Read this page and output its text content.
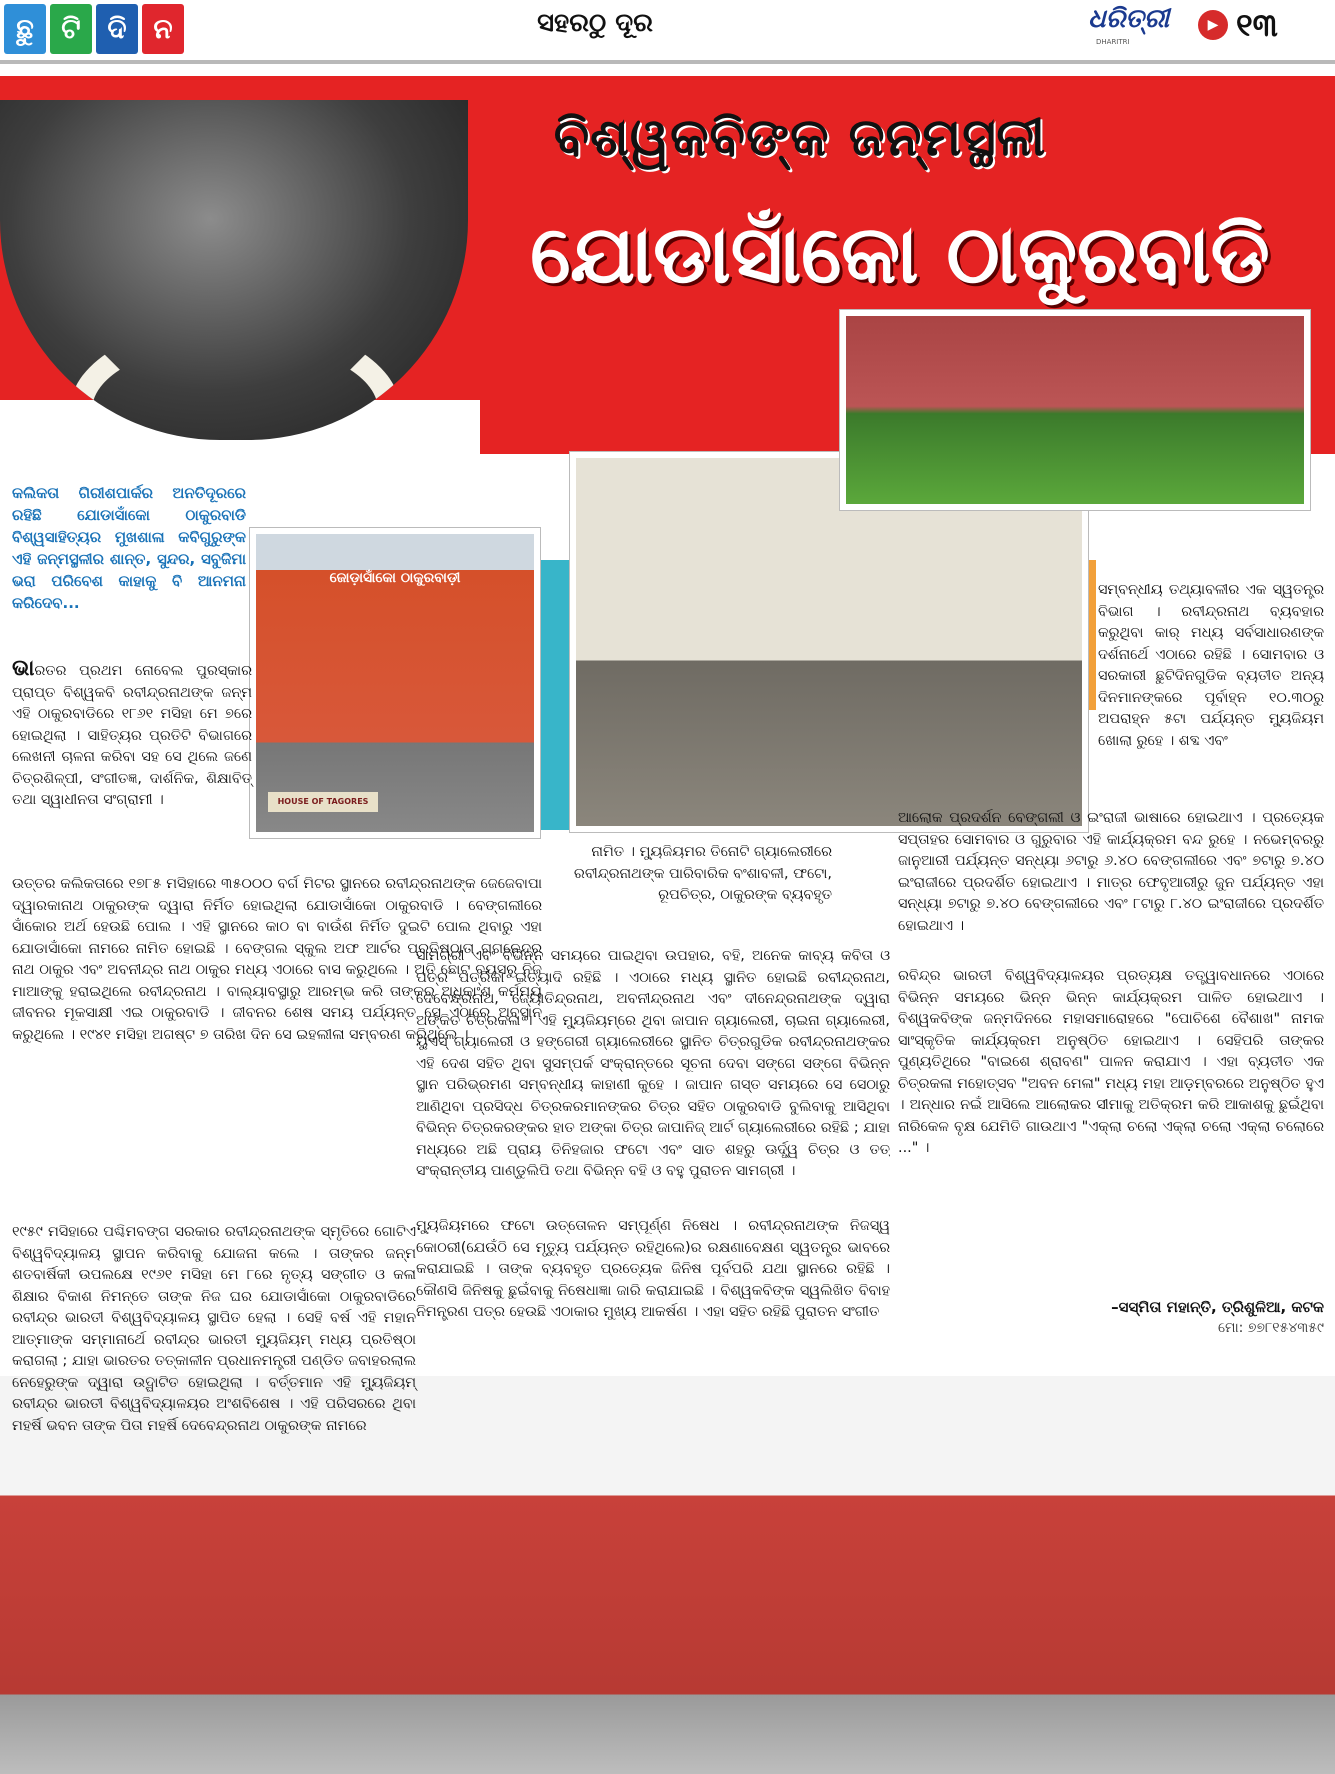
ଛୁ ଟି ଦି ନ	ସହରଠୁ ଦୂର	ଧରିତ୍ରୀ
DHARITRI
▶ ୧୩
ବିଶ୍ୱକବିଙ୍କ ଜନ୍ମସ୍ଥଳୀ
ଯୋଡାସାଁକୋ ଠାକୁରବାଡି
ଜୋଡ଼ାସାଁକୋ ଠାକୁରବାଡ଼ୀ
HOUSE OF TAGORES
କଲିକତା ଗିରୀଶପାର୍କର ଅନତିଦୂରରେ ରହିଛି ଯୋଡାସାଁକୋ ଠାକୁରବାଡି ବିଶ୍ୱସାହିତ୍ୟର ମୁଖଶାଳା କବିଗୁରୁଙ୍କ ଏହି ଜନ୍ମସ୍ଥଳୀର ଶାନ୍ତ, ସୁନ୍ଦର, ସବୁଜିମା ଭରା ପରିବେଶ କାହାକୁ ବି ଆନମନା କରିଦେବ...
ଭାରତର ପ୍ରଥମ ନୋବେଲ ପୁରସ୍କାର ପ୍ରାପ୍ତ ବିଶ୍ୱକବି ରବୀନ୍ଦ୍ରନାଥଙ୍କ ଜନ୍ମ ଏହି ଠାକୁରବାଡିରେ ୧୮୬୧ ମସିହା ମେ ୭ରେ ହୋଇଥିଲା । ସାହିତ୍ୟର ପ୍ରତିଟି ବିଭାଗରେ ଲେଖନୀ ଚାଳନା କରିବା ସହ ସେ ଥିଲେ ଜଣେ ଚିତ୍ରଶିଳ୍ପୀ, ସଂଗୀତଜ୍ଞ, ଦାର୍ଶନିକ, ଶିକ୍ଷାବିତ୍ ତଥା ସ୍ୱାଧୀନତା ସଂଗ୍ରାମୀ ।
ଉତ୍ତର କଲିକତାରେ ୧୭୮୫ ମସିହାରେ ୩୫୦୦୦ ବର୍ଗ ମିଟର ସ୍ଥାନରେ ରବୀନ୍ଦ୍ରନାଥଙ୍କ ଜେଜେବାପା ଦ୍ୱାରକାନାଥ ଠାକୁରଙ୍କ ଦ୍ୱାରା ନିର୍ମିତ ହୋଇଥିଲା ଯୋଡାସାଁକୋ ଠାକୁରବାଡି । ବେଙ୍ଗଲୀରେ ସାଁକୋର ଅର୍ଥ ହେଉଛି ପୋଲ । ଏହି ସ୍ଥାନରେ କାଠ ବା ବାଉଁଶ ନିର୍ମିତ ଦୁଇଟି ପୋଲ ଥିବାରୁ ଏହା ଯୋଡାସାଁକୋ ନାମରେ ନାମିତ ହୋଇଛି । ବେଙ୍ଗଲ ସ୍କୁଲ ଅଫ ଆର୍ଟର ପ୍ରତିଷ୍ଠାତା ଗଗନେନ୍ଦ୍ର ନାଥ ଠାକୁର ଏବଂ ଅବନୀନ୍ଦ୍ର ନାଥ ଠାକୁର ମଧ୍ୟ ଏଠାରେ ବାସ କରୁଥିଲେ । ଅତି ଛୋଟ ବୟସରୁ ନିଜ ମାଆଙ୍କୁ ହରାଇଥିଲେ ରବୀନ୍ଦ୍ରନାଥ । ବାଲ୍ୟାବସ୍ଥାରୁ ଆରମ୍ଭ କରି ତାଙ୍କର ଅଧିକାଂଶ କର୍ମମୟ ଜୀବନର ମୂକସାକ୍ଷୀ ଏଇ ଠାକୁରବାଡି । ଜୀବନର ଶେଷ ସମୟ ପର୍ଯ୍ୟନ୍ତ ସେ ଏଠାରେ ଅବସ୍ଥାନ କରୁଥିଲେ । ୧୯୪୧ ମସିହା ଅଗଷ୍ଟ ୭ ତାରିଖ ଦିନ ସେ ଇହଲୀଳା ସମ୍ବରଣ କରିଥିଲେ ।
୧୯୫୯ ମସିହାରେ ପଶ୍ଚିମବଙ୍ଗ ସରକାର ରବୀନ୍ଦ୍ରନାଥଙ୍କ ସ୍ମୃତିରେ ଗୋଟିଏ ବିଶ୍ୱବିଦ୍ୟାଳୟ ସ୍ଥାପନ କରିବାକୁ ଯୋଜନା କଲେ । ତାଙ୍କର ଜନ୍ମ ଶତବାର୍ଷିକୀ ଉପଲକ୍ଷେ ୧୯୬୧ ମସିହା ମେ ୮ରେ ନୃତ୍ୟ ସଙ୍ଗୀତ ଓ କଳା ଶିକ୍ଷାର ବିକାଶ ନିମନ୍ତେ ତାଙ୍କ ନିଜ ଘର ଯୋଡାସାଁକୋ ଠାକୁରବାଡିରେ ରବୀନ୍ଦ୍ର ଭାରତୀ ବିଶ୍ୱବିଦ୍ୟାଳୟ ସ୍ଥାପିତ ହେଲା । ସେହି ବର୍ଷ ଏହି ମହାନ ଆତ୍ମାଙ୍କ ସମ୍ମାନାର୍ଥେ ରବୀନ୍ଦ୍ର ଭାରତୀ ମ୍ୟୁଜିୟମ୍ ମଧ୍ୟ ପ୍ରତିଷ୍ଠା କରାଗଲା ; ଯାହା ଭାରତର ତତ୍କାଳୀନ ପ୍ରଧାନମନ୍ତ୍ରୀ ପଣ୍ଡିତ ଜବାହରଲାଲ ନେହେରୁଙ୍କ ଦ୍ୱାରା ଉଦ୍ଘାଟିତ ହୋଇଥିଲା । ବର୍ତ୍ତମାନ ଏହି ମ୍ୟୁଜିୟମ୍ ରବୀନ୍ଦ୍ର ଭାରତୀ ବିଶ୍ୱବିଦ୍ୟାଳୟର ଅଂଶବିଶେଷ । ଏହି ପରିସରରେ ଥିବା ମହର୍ଷି ଭବନ ତାଙ୍କ ପିତା ମହର୍ଷି ଦେବେନ୍ଦ୍ରନାଥ ଠାକୁରଙ୍କ ନାମରେ
ନାମିତ । ମ୍ୟୁଜିୟମର ତିନୋଟି ଗ୍ୟାଲେରୀରେ ରବୀନ୍ଦ୍ରନାଥଙ୍କ ପାରିବାରିକ ବଂଶାବଳୀ, ଫଟୋ, ରୂପଚିତ୍ର, ଠାକୁରଙ୍କ ବ୍ୟବହୃତ
ସାମଗ୍ରୀ ଏବଂ ବିଭିନ୍ନ ସମୟରେ ପାଇଥିବା ଉପହାର, ବହି, ଅନେକ କାବ୍ୟ କବିତା ଓ ପତ୍ର ପତ୍ରିକା ଇତ୍ୟାଦି ରହିଛି । ଏଠାରେ ମଧ୍ୟ ସ୍ଥାନିତ ହୋଇଛି ରବୀନ୍ଦ୍ରନାଥ, ଦେବେନ୍ଦ୍ରନାଥ, ଜ୍ୟୋତିନ୍ଦ୍ରନାଥ, ଅବନୀନ୍ଦ୍ରନାଥ ଏବଂ ଦୀନେନ୍ଦ୍ରନାଥଙ୍କ ଦ୍ୱାରା ଅଙ୍କିତ ଚିତ୍ରକଳା । ଏହି ମ୍ୟୁଜିୟମ୍‌ରେ ଥିବା ଜାପାନ ଗ୍ୟାଲେରୀ, ଚାଇନା ଗ୍ୟାଲେରୀ, ୟୁଏସ୍ ଗ୍ୟାଲେରୀ ଓ ହଙ୍ଗେରୀ ଗ୍ୟାଲେରୀରେ ସ୍ଥାନିତ ଚିତ୍ରଗୁଡିକ ରବୀନ୍ଦ୍ରନାଥଙ୍କର ଏହି ଦେଶ ସହିତ ଥିବା ସୁସମ୍ପର୍କ ସଂକ୍ରାନ୍ତରେ ସୂଚନା ଦେବା ସଙ୍ଗେ ସଙ୍ଗେ ବିଭିନ୍ନ ସ୍ଥାନ ପରିଭ୍ରମଣ ସମ୍ବନ୍ଧୀୟ କାହାଣୀ କୁହେ । ଜାପାନ ଗସ୍ତ ସମୟରେ ସେ ସେଠାରୁ ଆଣିଥିବା ପ୍ରସିଦ୍ଧ ଚିତ୍ରକରମାନଙ୍କର ଚିତ୍ର ସହିତ ଠାକୁରବାଡି ବୁଲିବାକୁ ଆସିଥିବା ବିଭିନ୍ନ ଚିତ୍ରକରଙ୍କର ହାତ ଅଙ୍କା ଚିତ୍ର ଜାପାନିଜ୍ ଆର୍ଟ ଗ୍ୟାଲେରୀରେ ରହିଛି ; ଯାହା ମଧ୍ୟରେ ଅଛି ପ୍ରାୟ ତିନିହଜାର ଫଟୋ ଏବଂ ସାତ ଶହରୁ ଊର୍ଦ୍ଧ୍ୱ ଚିତ୍ର ଓ ତତ୍ ସଂକ୍ରାନ୍ତୀୟ ପାଣ୍ଡୁଲିପି ତଥା ବିଭିନ୍ନ ବହି ଓ ବହୁ ପୁରାତନ ସାମଗ୍ରୀ ।
ମ୍ୟୁଜିୟମରେ ଫଟୋ ଉତ୍ତୋଳନ ସମ୍ପୂର୍ଣ୍ଣ ନିଷେଧ । ରବୀନ୍ଦ୍ରନାଥଙ୍କ ନିଜସ୍ୱ କୋଠରୀ(ଯେଉଁଠି ସେ ମୃତ୍ୟୁ ପର୍ଯ୍ୟନ୍ତ ରହିଥିଲେ)ର ରକ୍ଷଣାବେକ୍ଷଣ ସ୍ୱତନ୍ତ୍ର ଭାବରେ କରାଯାଇଛି । ତାଙ୍କ ବ୍ୟବହୃତ ପ୍ରତ୍ୟେକ ଜିନିଷ ପୂର୍ବପରି ଯଥା ସ୍ଥାନରେ ରହିଛି । କୌଣସି ଜିନିଷକୁ ଛୁଇଁବାକୁ ନିଷେଧାଜ୍ଞା ଜାରି କରାଯାଇଛି । ବିଶ୍ୱକବିଙ୍କ ସ୍ୱଲିଖିତ ବିବାହ ନିମନ୍ତ୍ରଣ ପତ୍ର ହେଉଛି ଏଠାକାର ମୁଖ୍ୟ ଆକର୍ଷଣ । ଏହା ସହିତ ରହିଛି ପୁରାତନ ସଂଗୀତ
ସମ୍ବନ୍ଧୀୟ ତଥ୍ୟାବଳୀର ଏକ ସ୍ୱତନ୍ତ୍ର ବିଭାଗ । ରବୀନ୍ଦ୍ରନାଥ ବ୍ୟବହାର କରୁଥିବା କାର୍ ମଧ୍ୟ ସର୍ବସାଧାରଣଙ୍କ ଦର୍ଶନାର୍ଥେ ଏଠାରେ ରହିଛି । ସୋମବାର ଓ ସରକାରୀ ଛୁଟିଦିନଗୁଡିକ ବ୍ୟତୀତ ଅନ୍ୟ ଦିନମାନଙ୍କରେ ପୂର୍ବାହ୍ନ ୧୦.୩୦ରୁ ଅପରାହ୍ନ ୫ଟା ପର୍ଯ୍ୟନ୍ତ ମ୍ୟୁଜିୟମ ଖୋଲା ରୁହେ । ଶବ୍ଦ ଏବଂ
ଆଲୋକ ପ୍ରଦର୍ଶନ ବେଙ୍ଗଲୀ ଓ ଇଂରାଜୀ ଭାଷାରେ ହୋଇଥାଏ । ପ୍ରତ୍ୟେକ ସପ୍ତାହର ସୋମବାର ଓ ଗୁରୁବାର ଏହି କାର୍ଯ୍ୟକ୍ରମ ବନ୍ଦ ରୁହେ । ନଭେମ୍ବରରୁ ଜାନୁଆରୀ ପର୍ଯ୍ୟନ୍ତ ସନ୍ଧ୍ୟା ୬ଟାରୁ ୬.୪୦ ବେଙ୍ଗଲୀରେ ଏବଂ ୭ଟାରୁ ୭.୪୦ ଇଂରାଜୀରେ ପ୍ରଦର୍ଶିତ ହୋଇଥାଏ । ମାତ୍ର ଫେବୃଆରୀରୁ ଜୁନ ପର୍ଯ୍ୟନ୍ତ ଏହା ସନ୍ଧ୍ୟା ୭ଟାରୁ ୭.୪୦ ବେଙ୍ଗଲୀରେ ଏବଂ ୮ଟାରୁ ୮.୪୦ ଇଂରାଜୀରେ ପ୍ରଦର୍ଶିତ ହୋଇଥାଏ ।
ରବିନ୍ଦ୍ର ଭାରତୀ ବିଶ୍ୱବିଦ୍ୟାଳୟର ପ୍ରତ୍ୟକ୍ଷ ତତ୍ତ୍ୱାବଧାନରେ ଏଠାରେ ବିଭିନ୍ନ ସମୟରେ ଭିନ୍ନ ଭିନ୍ନ କାର୍ଯ୍ୟକ୍ରମ ପାଳିତ ହୋଇଥାଏ । ବିଶ୍ୱକବିଙ୍କ ଜନ୍ମଦିନରେ ମହାସମାରୋହରେ "ପୋଚିଶେ ବୈଶାଖ" ନାମକ ସାଂସ୍କୃତିକ କାର୍ଯ୍ୟକ୍ରମ ଅନୁଷ୍ଠିତ ହୋଇଥାଏ । ସେହିପରି ତାଙ୍କର ପୁଣ୍ୟତିଥିରେ "ବାଇଶେ ଶ୍ରାବଣ" ପାଳନ କରାଯାଏ । ଏହା ବ୍ୟତୀତ ଏକ ଚିତ୍ରକଳା ମହୋତ୍ସବ "ଅବନ ମେଳା" ମଧ୍ୟ ମହା ଆଡ଼ମ୍ବରରେ ଅନୁଷ୍ଠିତ ହୁଏ । ଅନ୍ଧାର ନଇଁ ଆସିଲେ ଆଲୋକର ସୀମାକୁ ଅତିକ୍ରମ କରି ଆକାଶକୁ ଛୁଇଁଥିବା ନାରିକେଳ ବୃକ୍ଷ ଯେମିତି ଗାଉଥାଏ "ଏକ୍ଲା ଚଲୋ ଏକ୍ଲା ଚଲୋ ଏକ୍ଲା ଚଲୋରେ ..." ।
–ସସ୍ମିତା ମହାନ୍ତି, ତ୍ରିଶୁଳିଆ, କଟକ
ମୋ: ୭୭୮୧୫୪୩୫୯
